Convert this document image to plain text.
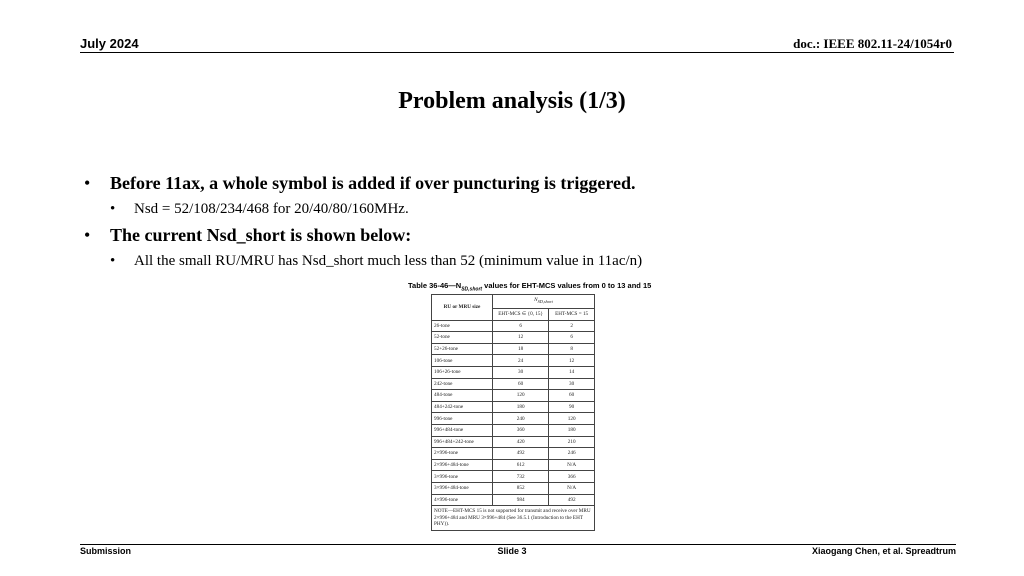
July 2024	doc.: IEEE 802.11-24/1054r0
Problem analysis (1/3)
• Before 11ax, a whole symbol is added if over puncturing is triggered.
• Nsd = 52/108/234/468 for 20/40/80/160MHz.
• The current Nsd_short is shown below:
• All the small RU/MRU has Nsd_short much less than 52 (minimum value in 11ac/n)
Table $36-46—N_{SD,short}$ values for EHT-MCS values from 0 to 13 and 15
RU or MRU size	$N_{SD,short}$
	EHT-MCS ∈ {0, 15}	EHT-MCS = 15
26-tone	6	2
52-tone	12	6
52+26-tone	18	8
106-tone	24	12
106+26-tone	30	14
242-tone	60	30
484-tone	120	60
484+242-tone	180	90
996-tone	240	120
996+484-tone	360	180
996+484+242-tone	420	210
2×996-tone	492	246
2×996+484-tone	612	N/A
3×996-tone	732	366
3×996+484-tone	852	N/A
4×996-tone	984	492
NOTE—EHT-MCS 15 is not supported for transmit and receive over MRU 2×996+484 and MRU 3×996+484 (See 36.5.1 (Introduction to the EHT PHY)).		
Submission	Slide 3	Xiaogang Chen, et al. Spreadtrum
